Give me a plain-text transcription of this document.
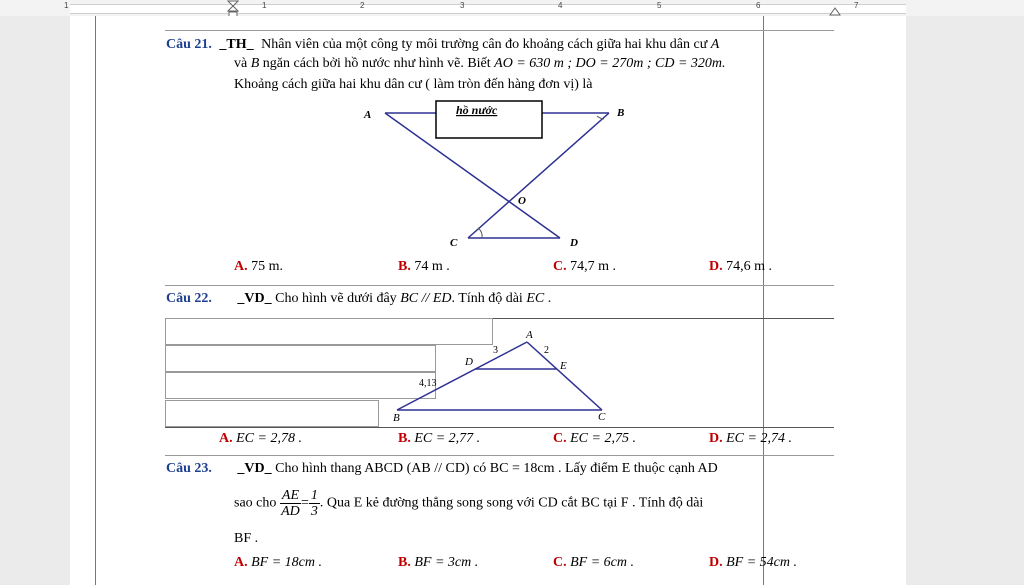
1	1	2	3	4	5	6	7
Câu 21. _TH_ Nhân viên của một công ty môi trường cân đo khoảng cách giữa hai khu dân cư A
và B ngăn cách bởi hồ nước như hình vẽ. Biết AO = 630 m ; DO = 270m ; CD = 320m.
Khoảng cách giữa hai khu dân cư ( làm tròn đến hàng đơn vị) là
A	B
hồ nước
O
C	D
A. 75 m.	B. 74 m .	C. 74,7 m .	D. 74,6 m .
Câu 22. _VD_ Cho hình vẽ dưới đây BC // ED. Tính độ dài EC .
A
D	E
B	C
3	2
4,13
A. EC = 2,78 .	B. EC = 2,77 .	C. EC = 2,75 .	D. EC = 2,74 .
Câu 23. _VD_ Cho hình thang ABCD (AB // CD) có BC = 18cm . Lấy điểm E thuộc cạnh AD
sao cho $\frac{AE}{AD} = \frac{1}{3}$ . Qua E kẻ đường thẳng song song với CD cắt BC tại F . Tính độ dài
BF .
A. BF = 18cm .	B. BF = 3cm .	C. BF = 6cm .	D. BF = 54cm .
